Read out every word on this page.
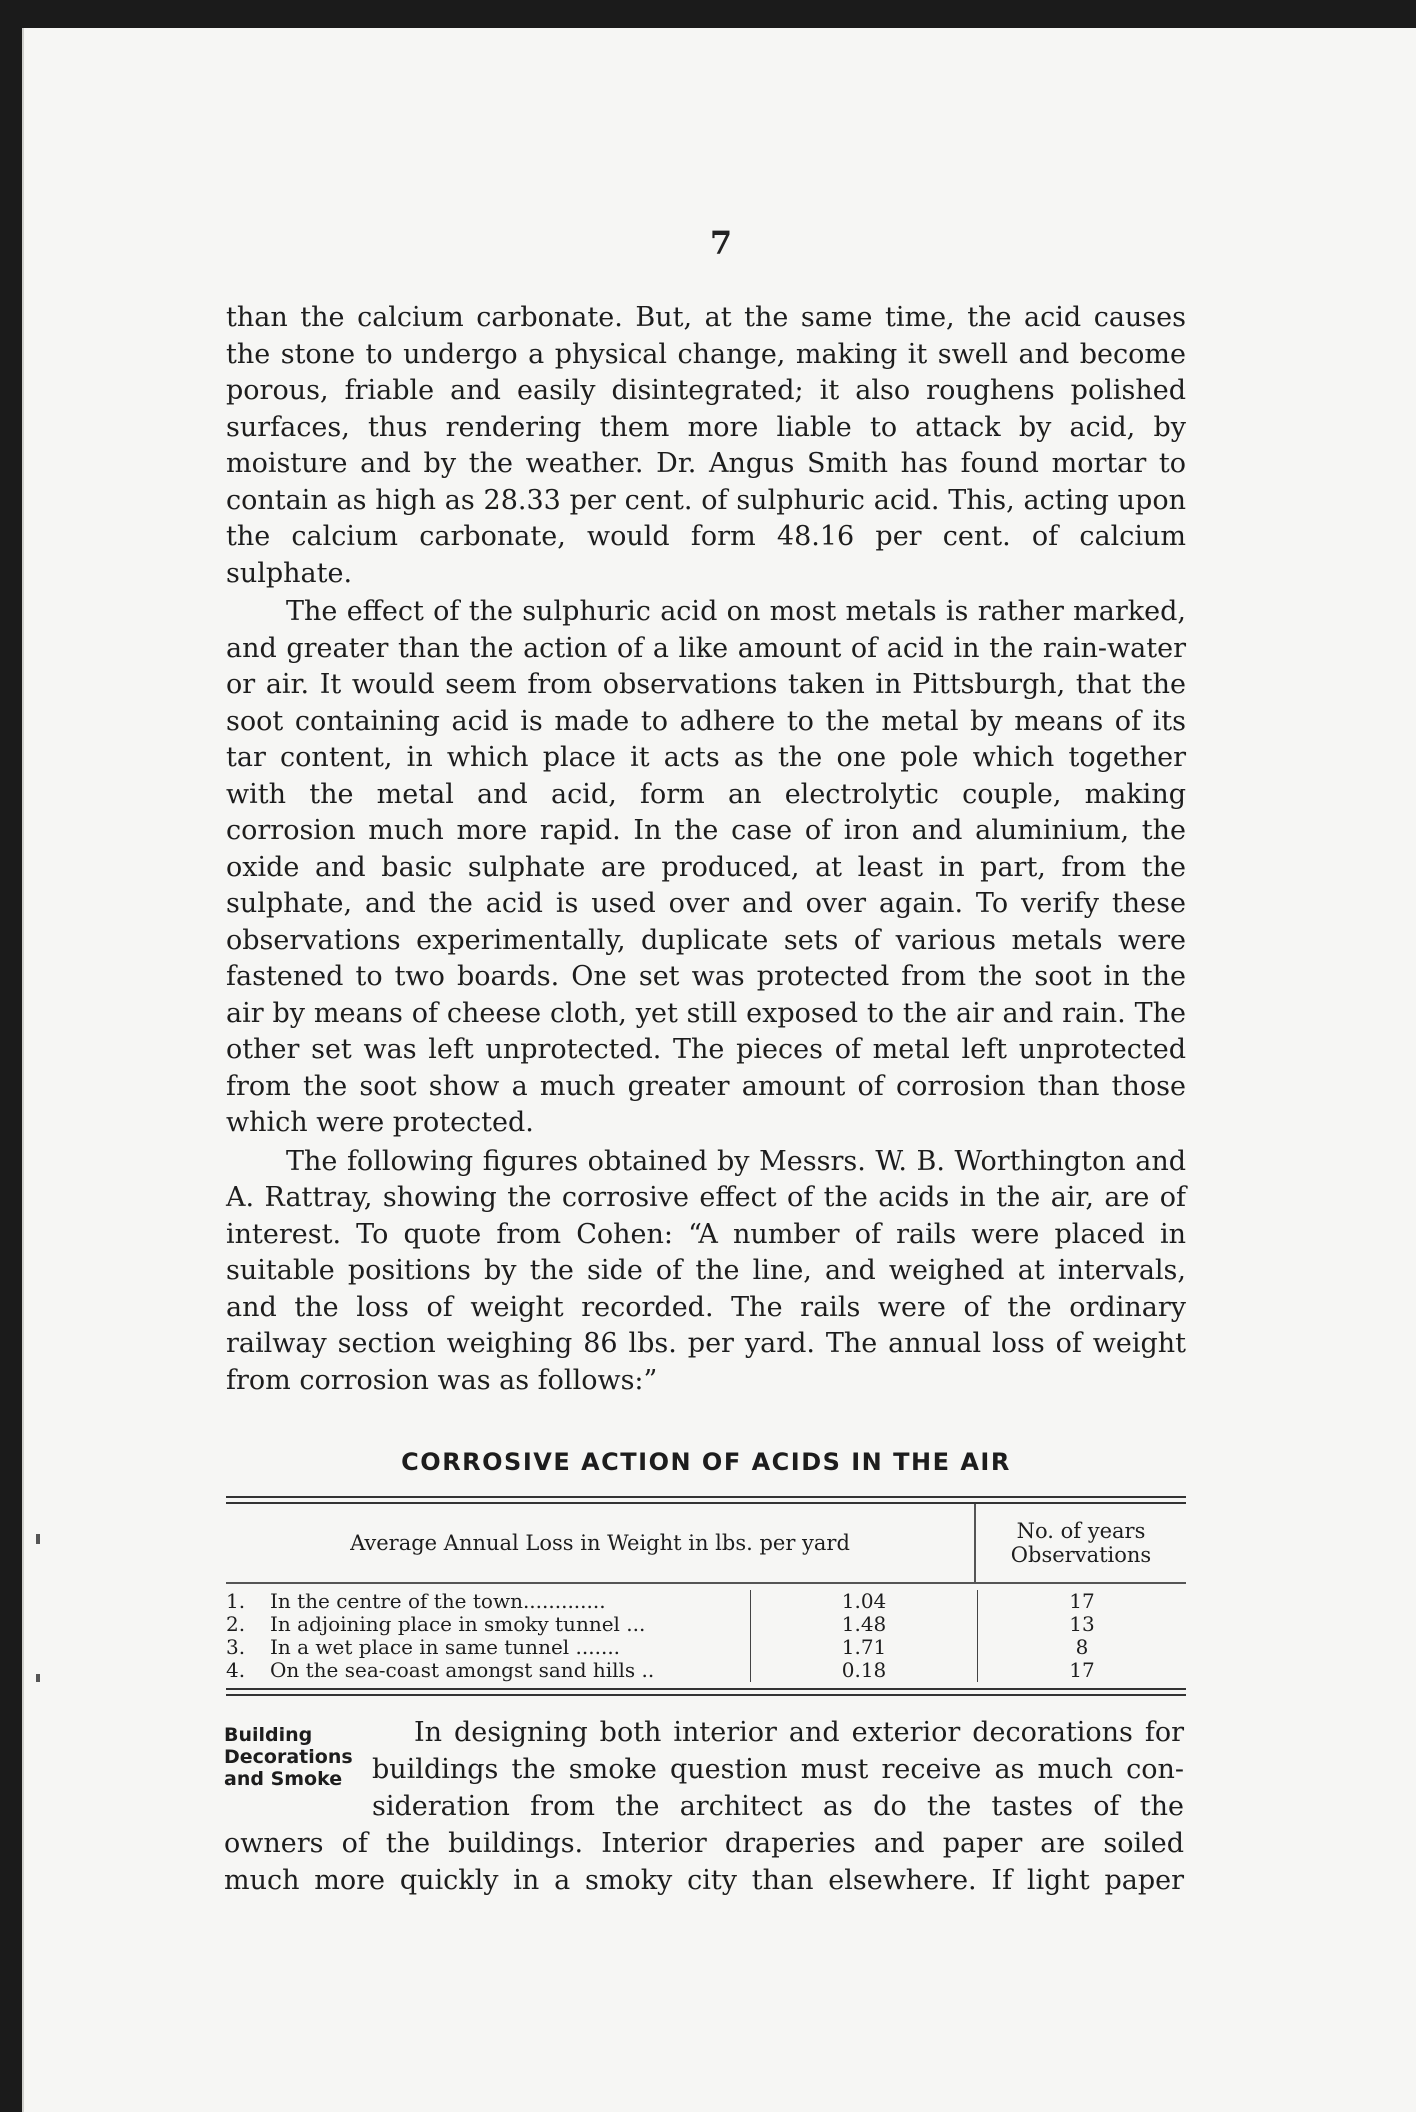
7

than the calcium carbonate. But, at the same time, the acid causes the stone to undergo a physical change, making it swell and become porous, friable and easily disintegrated; it also roughens polished surfaces, thus rendering them more liable to attack by acid, by moisture and by the weather. Dr. Angus Smith has found mortar to contain as high as 28.33 per cent. of sulphuric acid. This, acting upon the calcium carbonate, would form 48.16 per cent. of calcium sulphate.

The effect of the sulphuric acid on most metals is rather marked, and greater than the action of a like amount of acid in the rain-water or air. It would seem from observations taken in Pittsburgh, that the soot containing acid is made to adhere to the metal by means of its tar content, in which place it acts as the one pole which together with the metal and acid, form an electrolytic couple, making corrosion much more rapid. In the case of iron and aluminium, the oxide and basic sulphate are produced, at least in part, from the sulphate, and the acid is used over and over again. To verify these observations experimentally, duplicate sets of various metals were fastened to two boards. One set was protected from the soot in the air by means of cheese cloth, yet still exposed to the air and rain. The other set was left unprotected. The pieces of metal left unprotected from the soot show a much greater amount of corrosion than those which were protected.

The following figures obtained by Messrs. W. B. Worthington and A. Rattray, showing the corrosive effect of the acids in the air, are of interest. To quote from Cohen: “A number of rails were placed in suitable positions by the side of the line, and weighed at intervals, and the loss of weight recorded. The rails were of the ordinary railway section weighing 86 lbs. per yard. The annual loss of weight from corrosion was as follows:”

CORROSIVE ACTION OF ACIDS IN THE AIR
Average Annual Loss in Weight in lbs. per yard	No. of years
Observations
1.	In the centre of the town.............	1.04	17
2.	In adjoining place in smoky tunnel ...	1.48	13
3.	In a wet place in same tunnel .......	1.71	8
4.	On the sea-coast amongst sand hills ..	0.18	17
Building
Decorations
and Smoke
In designing both interior and exterior decorations for
buildings the smoke question must receive as much con-
sideration from the architect as do the tastes of the
owners of the buildings. Interior draperies and paper are soiled
much more quickly in a smoky city than elsewhere. If light paper
